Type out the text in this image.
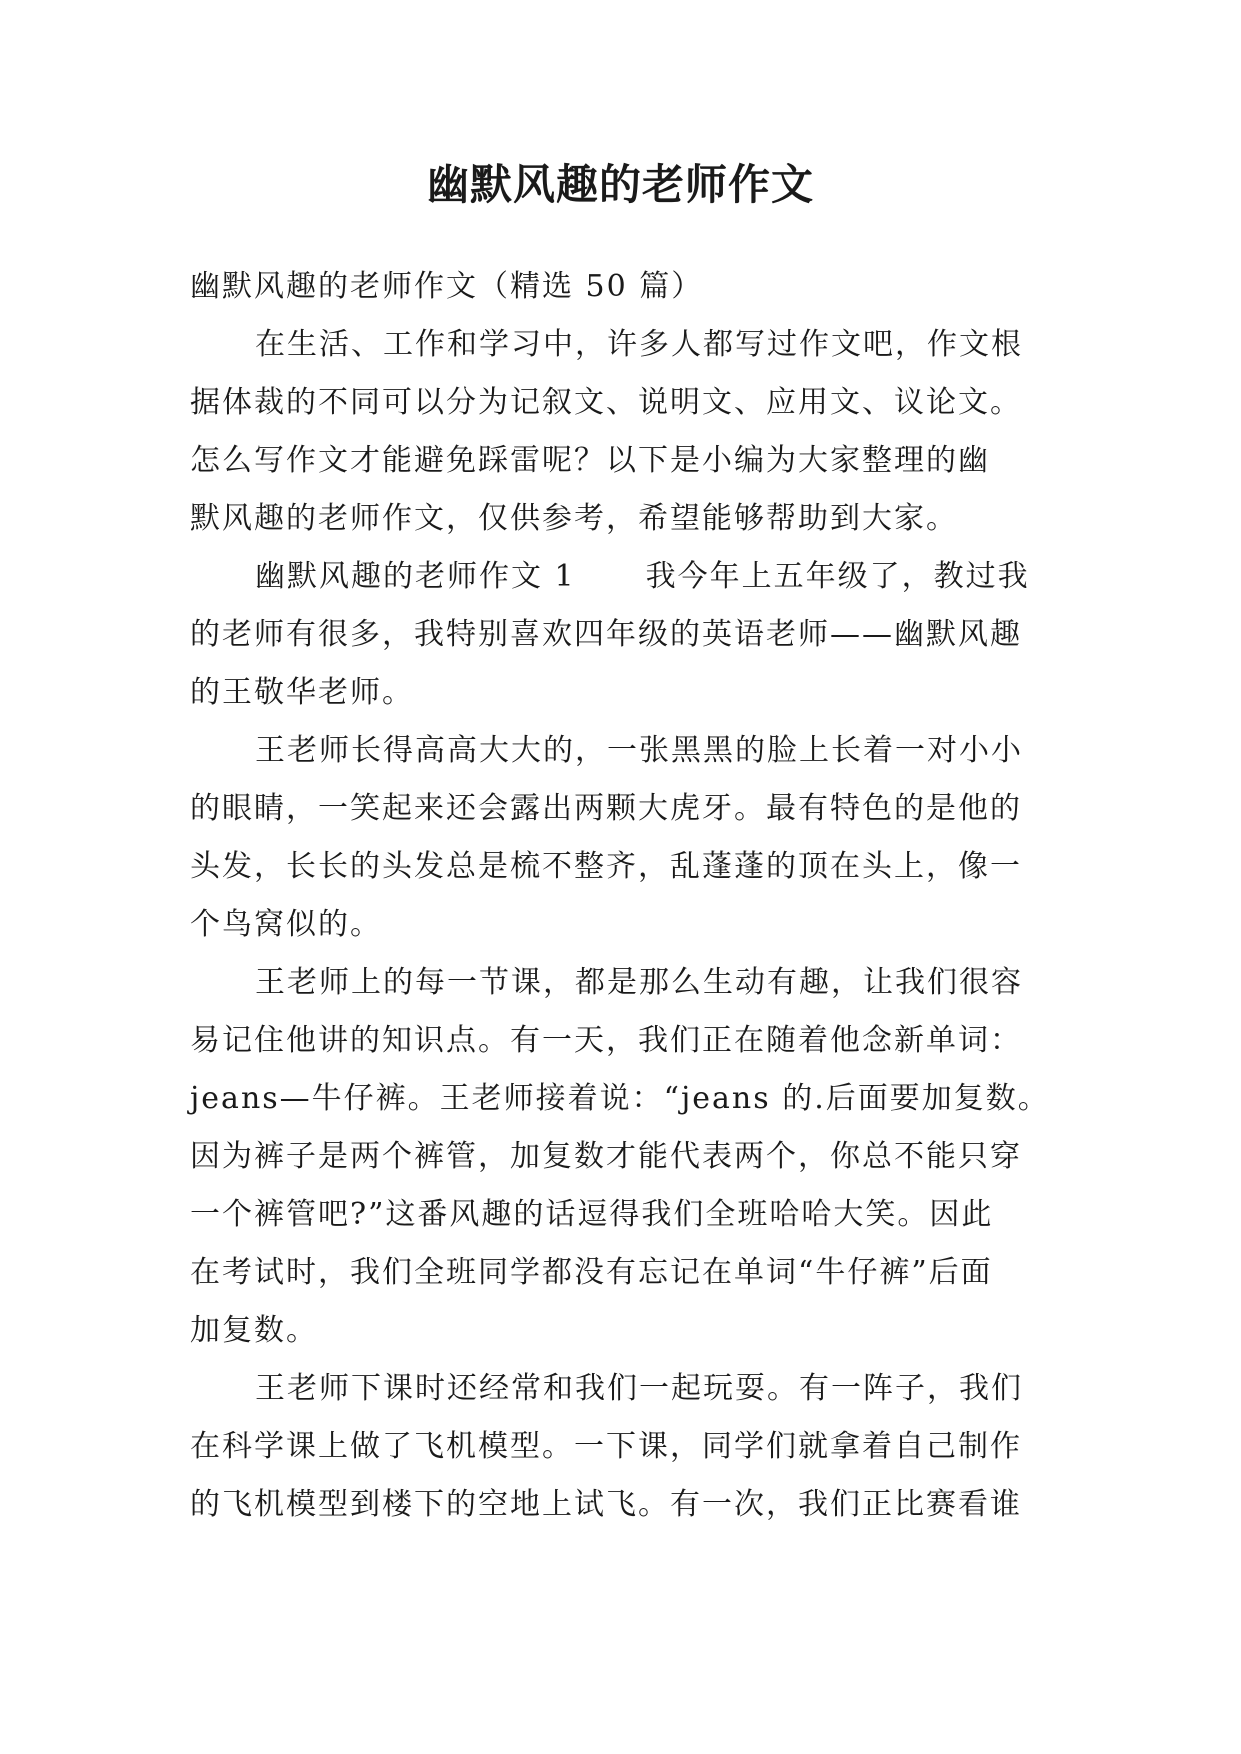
幽默风趣的老师作文
幽默风趣的老师作文（精选 50 篇）
在生活、工作和学习中，许多人都写过作文吧，作文根
据体裁的不同可以分为记叙文、说明文、应用文、议论文。
怎么写作文才能避免踩雷呢？以下是小编为大家整理的幽
默风趣的老师作文，仅供参考，希望能够帮助到大家。
幽默风趣的老师作文 1 我今年上五年级了，教过我
的老师有很多，我特别喜欢四年级的英语老师——幽默风趣
的王敬华老师。
王老师长得高高大大的，一张黑黑的脸上长着一对小小
的眼睛，一笑起来还会露出两颗大虎牙。最有特色的是他的
头发，长长的头发总是梳不整齐，乱蓬蓬的顶在头上，像一
个鸟窝似的。
王老师上的每一节课，都是那么生动有趣，让我们很容
易记住他讲的知识点。有一天，我们正在随着他念新单词：
jeans—牛仔裤。王老师接着说：“jeans 的.后面要加复数。
因为裤子是两个裤管，加复数才能代表两个，你总不能只穿
一个裤管吧?”这番风趣的话逗得我们全班哈哈大笑。因此
在考试时，我们全班同学都没有忘记在单词“牛仔裤”后面
加复数。
王老师下课时还经常和我们一起玩耍。有一阵子，我们
在科学课上做了飞机模型。一下课，同学们就拿着自己制作
的飞机模型到楼下的空地上试飞。有一次，我们正比赛看谁
